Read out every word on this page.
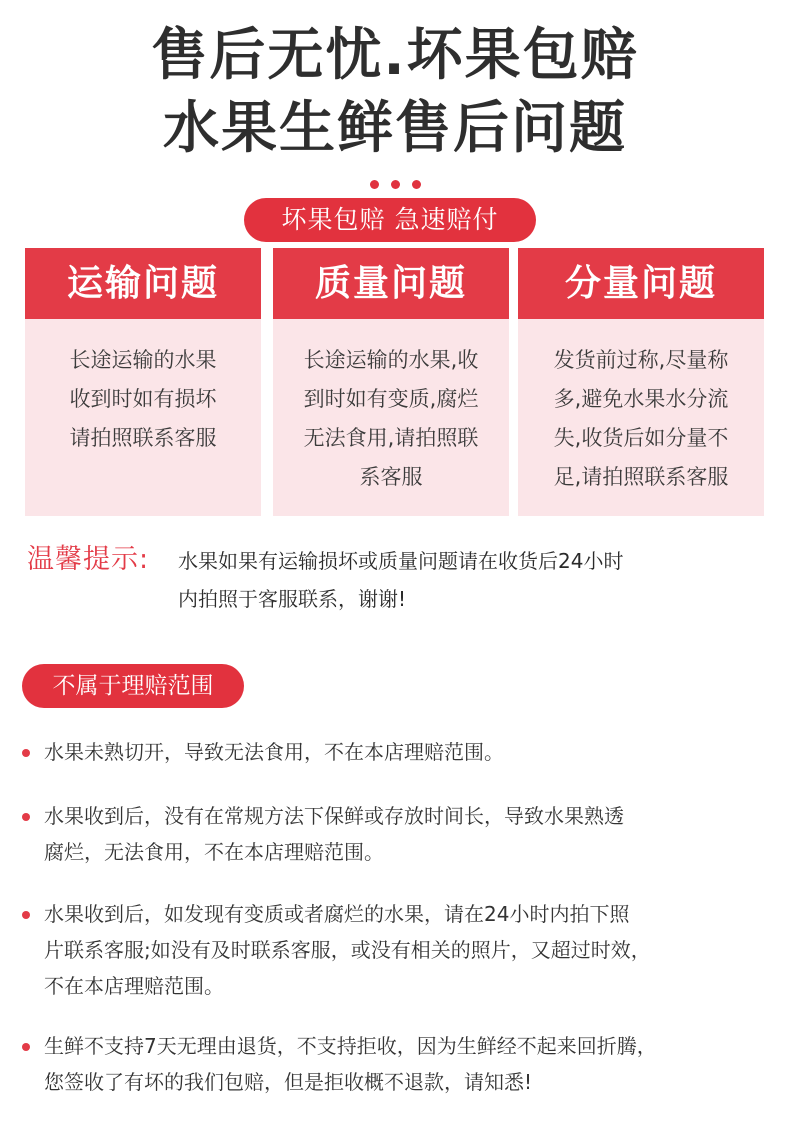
售后无忧.坏果包赔
水果生鲜售后问题
坏果包赔 急速赔付
运输问题
长途运输的水果
收到时如有损坏
请拍照联系客服
质量问题
长途运输的水果,收
到时如有变质,腐烂
无法食用,请拍照联
系客服
分量问题
发货前过称,尽量称
多,避免水果水分流
失,收货后如分量不
足,请拍照联系客服
温馨提示: 水果如果有运输损坏或质量问题请在收货后24小时
内拍照于客服联系，谢谢!
不属于理赔范围
水果未熟切开，导致无法食用，不在本店理赔范围。
水果收到后，没有在常规方法下保鲜或存放时间长，导致水果熟透
腐烂，无法食用，不在本店理赔范围。
水果收到后，如发现有变质或者腐烂的水果，请在24小时内拍下照
片联系客服;如没有及时联系客服，或没有相关的照片，又超过时效，
不在本店理赔范围。
生鲜不支持7天无理由退货，不支持拒收，因为生鲜经不起来回折腾，
您签收了有坏的我们包赔，但是拒收概不退款，请知悉!
